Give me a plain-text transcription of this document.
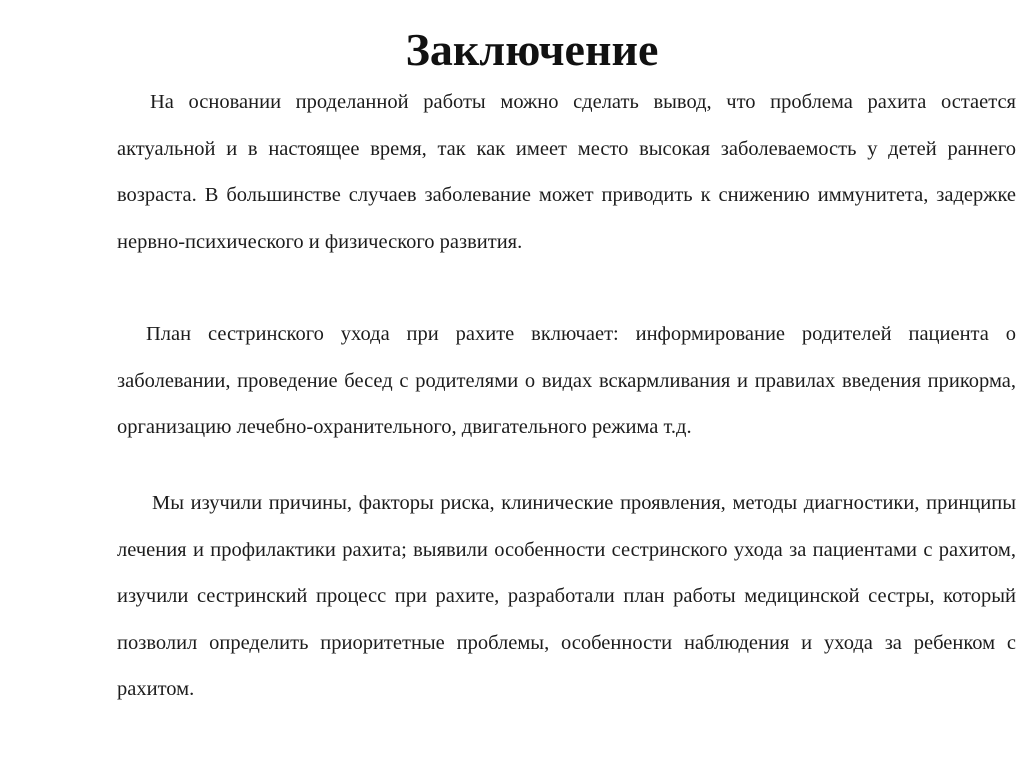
Заключение

На основании проделанной работы можно сделать вывод, что проблема рахита остается актуальной и в настоящее время, так как имеет место высокая заболеваемость у детей раннего возраста. В большинстве случаев заболевание может приводить к снижению иммунитета, задержке нервно-психического и физического развития.

План сестринского ухода при рахите включает: информирование родителей пациента о заболевании, проведение бесед с родителями о видах вскармливания и правилах введения прикорма, организацию лечебно-охранительного, двигательного режима т.д.

Мы изучили причины, факторы риска, клинические проявления, методы диагностики, принципы лечения и профилактики рахита; выявили особенности сестринского ухода за пациентами с рахитом, изучили сестринский процесс при рахите, разработали план работы медицинской сестры, который позволил определить приоритетные проблемы, особенности наблюдения и ухода за ребенком с рахитом.
